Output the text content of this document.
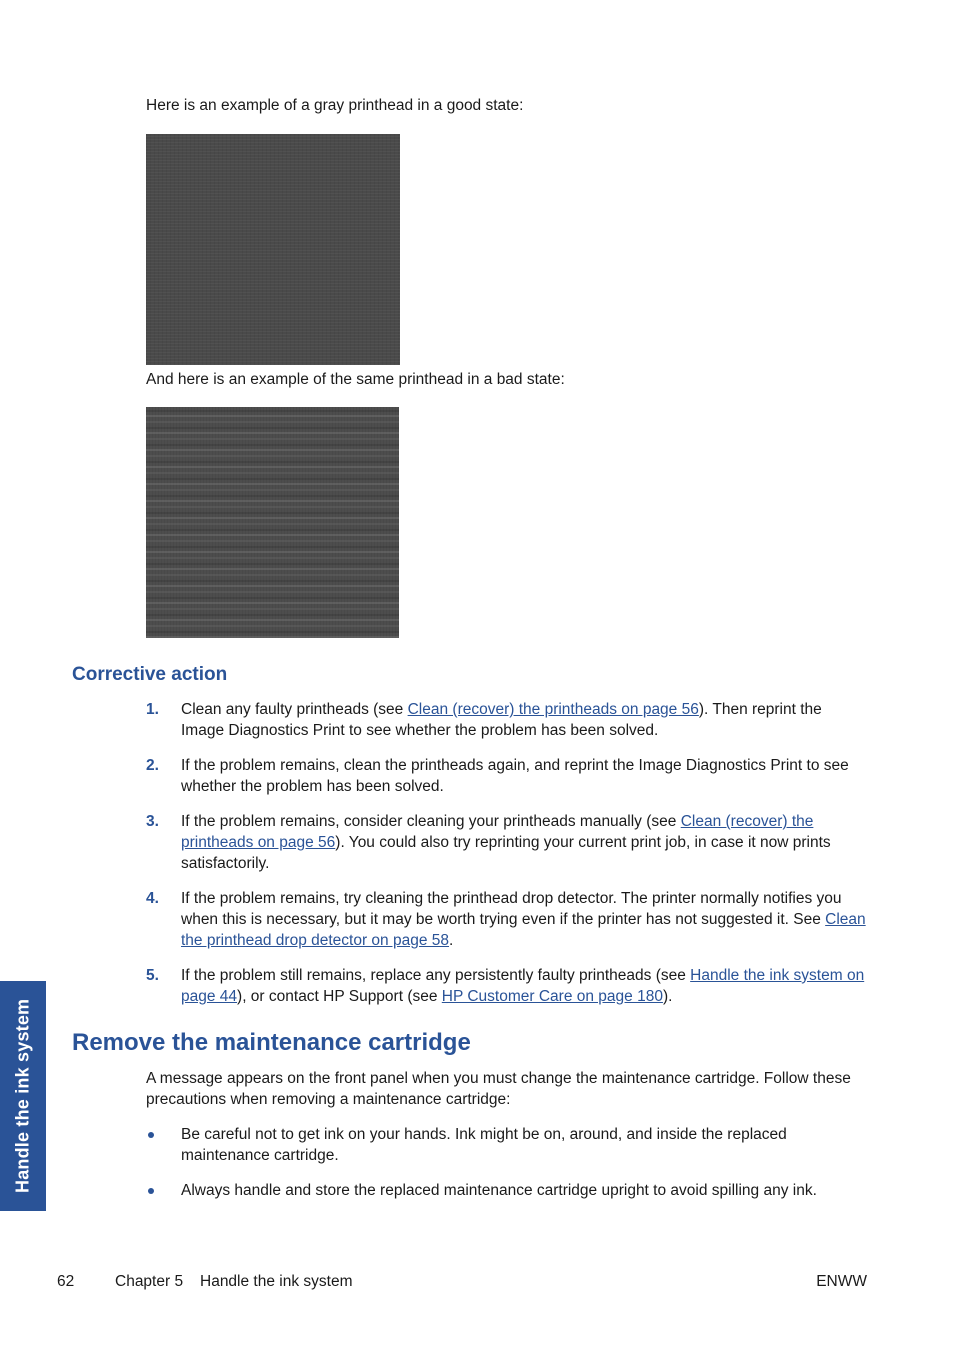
Here is an example of a gray printhead in a good state:

And here is an example of the same printhead in a bad state:

Corrective action
1.	Clean any faulty printheads (see Clean (recover) the printheads on page 56). Then reprint the Image Diagnostics Print to see whether the problem has been solved.
2.	If the problem remains, clean the printheads again, and reprint the Image Diagnostics Print to see whether the problem has been solved.
3.	If the problem remains, consider cleaning your printheads manually (see Clean (recover) the printheads on page 56). You could also try reprinting your current print job, in case it now prints satisfactorily.
4.	If the problem remains, try cleaning the printhead drop detector. The printer normally notifies you when this is necessary, but it may be worth trying even if the printer has not suggested it. See Clean the printhead drop detector on page 58.
5.	If the problem still remains, replace any persistently faulty printheads (see Handle the ink system on page 44), or contact HP Support (see HP Customer Care on page 180).
Remove the maintenance cartridge

A message appears on the front panel when you must change the maintenance cartridge. Follow these precautions when removing a maintenance cartridge:

Be careful not to get ink on your hands. Ink might be on, around, and inside the replaced maintenance cartridge.
Always handle and store the replaced maintenance cartridge upright to avoid spilling any ink.
Handle the ink system
62	Chapter 5 Handle the ink system	ENWW
